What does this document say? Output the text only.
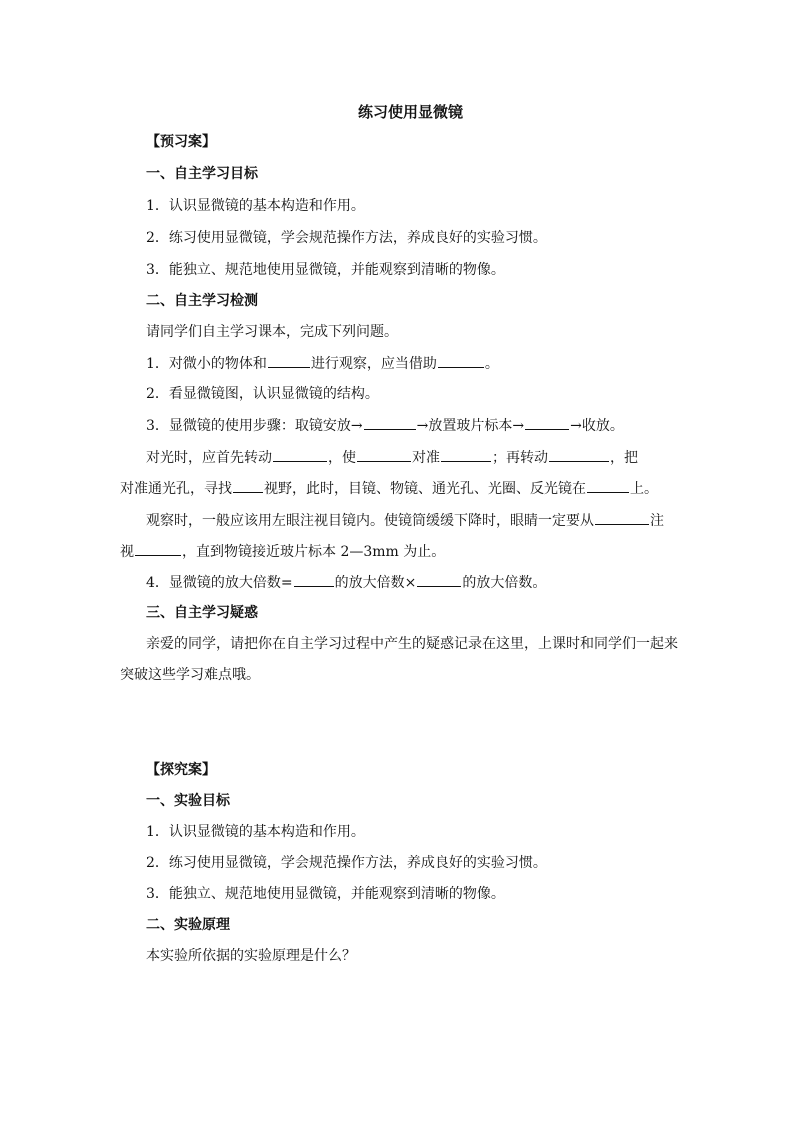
练习使用显微镜
【预习案】
一、自主学习目标
1．认识显微镜的基本构造和作用。
2．练习使用显微镜，学会规范操作方法，养成良好的实验习惯。
3．能独立、规范地使用显微镜，并能观察到清晰的物像。
二、自主学习检测
请同学们自主学习课本，完成下列问题。
1．对微小的物体和	进行观察，应当借助	。
2．看显微镜图，认识显微镜的结构。
3．显微镜的使用步骤：取镜安放→	→放置玻片标本→	→收放。
对光时，应首先转动	，使	对准	；再转动	，把
对准通光孔，寻找 视野，此时，目镜、物镜、通光孔、光圈、反光镜在	上。
观察时，一般应该用左眼注视目镜内。使镜筒缓缓下降时，眼睛一定要从	注
视	，直到物镜接近玻片标本 2—3mm 为止。
4．显微镜的放大倍数=	的放大倍数×	的放大倍数。
三、自主学习疑惑
亲爱的同学，请把你在自主学习过程中产生的疑惑记录在这里，上课时和同学们一起来
突破这些学习难点哦。
【探究案】
一、实验目标
1．认识显微镜的基本构造和作用。
2．练习使用显微镜，学会规范操作方法，养成良好的实验习惯。
3．能独立、规范地使用显微镜，并能观察到清晰的物像。
二、实验原理
本实验所依据的实验原理是什么？
